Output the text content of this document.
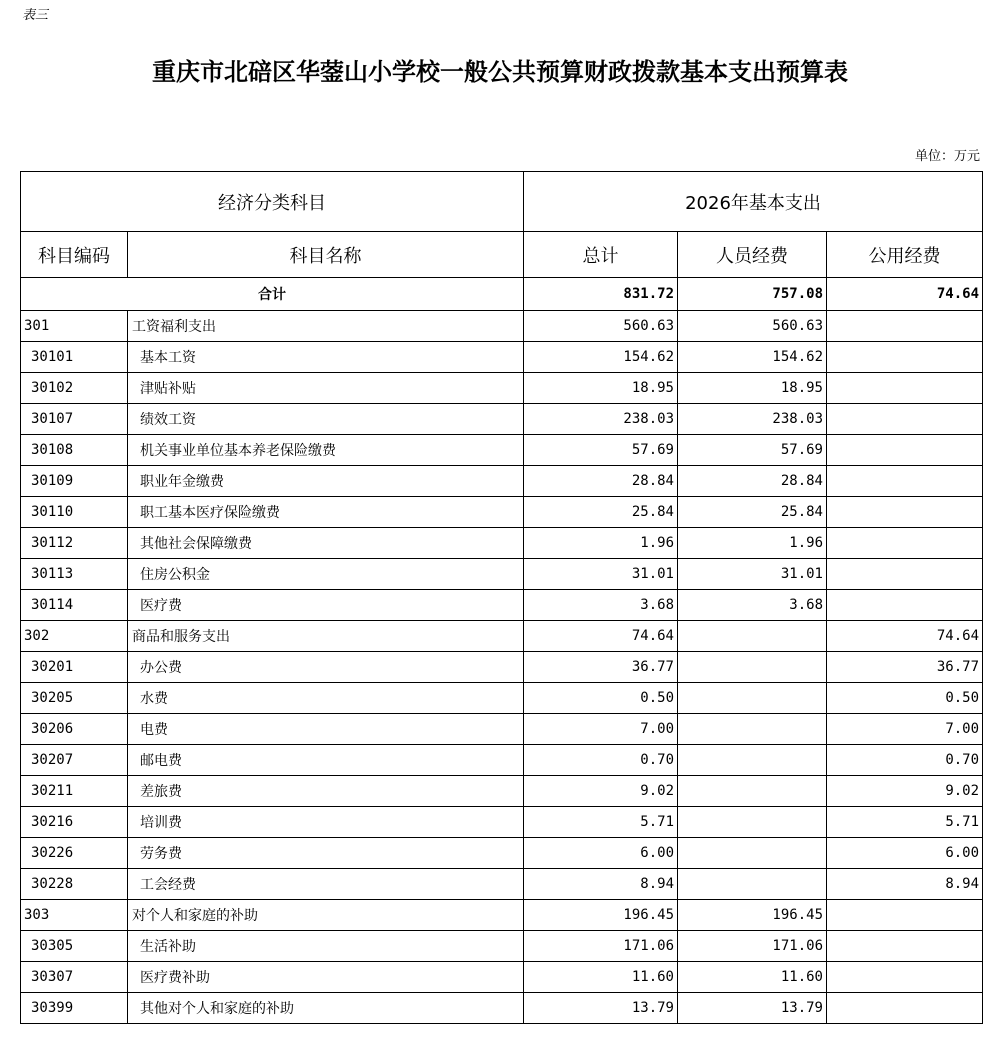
表三
重庆市北碚区华蓥山小学校一般公共预算财政拨款基本支出预算表
单位：万元
经济分类科目		2026年基本支出		
科目编码	科目名称	总计	人员经费	公用经费
合计		831.72	757.08	74.64
301	工资福利支出	560.63	560.63	
30101	基本工资	154.62	154.62	
30102	津贴补贴	18.95	18.95	
30107	绩效工资	238.03	238.03	
30108	机关事业单位基本养老保险缴费	57.69	57.69	
30109	职业年金缴费	28.84	28.84	
30110	职工基本医疗保险缴费	25.84	25.84	
30112	其他社会保障缴费	1.96	1.96	
30113	住房公积金	31.01	31.01	
30114	医疗费	3.68	3.68	
302	商品和服务支出	74.64		74.64
30201	办公费	36.77		36.77
30205	水费	0.50		0.50
30206	电费	7.00		7.00
30207	邮电费	0.70		0.70
30211	差旅费	9.02		9.02
30216	培训费	5.71		5.71
30226	劳务费	6.00		6.00
30228	工会经费	8.94		8.94
303	对个人和家庭的补助	196.45	196.45	
30305	生活补助	171.06	171.06	
30307	医疗费补助	11.60	11.60	
30399	其他对个人和家庭的补助	13.79	13.79	
